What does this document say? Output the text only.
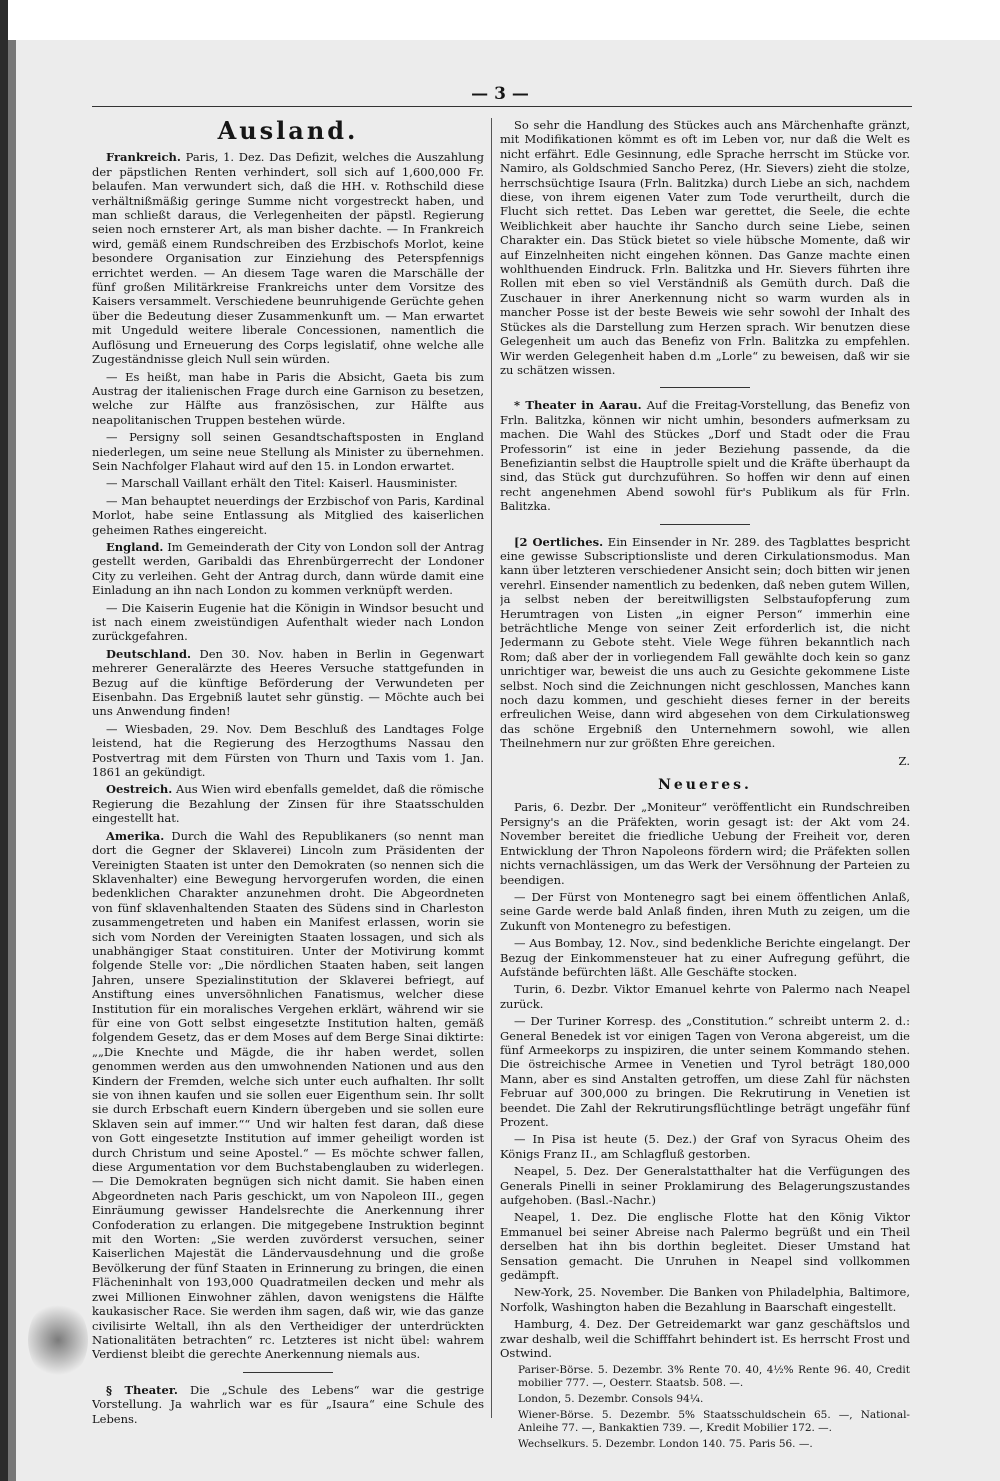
— 3 —
Ausland.

Frankreich. Paris, 1. Dez. Das Defizit, welches die Auszahlung der päpstlichen Renten verhindert, soll sich auf 1,600,000 Fr. belaufen. Man verwundert sich, daß die HH. v. Rothschild diese verhältnißmäßig geringe Summe nicht vorgestreckt haben, und man schließt daraus, die Verlegenheiten der päpstl. Regierung seien noch ernsterer Art, als man bisher dachte. — In Frankreich wird, gemäß einem Rundschreiben des Erzbischofs Morlot, keine besondere Organisation zur Einziehung des Peterspfennigs errichtet werden. — An diesem Tage waren die Marschälle der fünf großen Militärkreise Frankreichs unter dem Vorsitze des Kaisers versammelt. Verschiedene beunruhigende Gerüchte gehen über die Bedeutung dieser Zusammenkunft um. — Man erwartet mit Ungeduld weitere liberale Concessionen, namentlich die Auflösung und Erneuerung des Corps legislatif, ohne welche alle Zugeständnisse gleich Null sein würden.

— Es heißt, man habe in Paris die Absicht, Gaeta bis zum Austrag der italienischen Frage durch eine Garnison zu besetzen, welche zur Hälfte aus französischen, zur Hälfte aus neapolitanischen Truppen bestehen würde.

— Persigny soll seinen Gesandtschaftsposten in England niederlegen, um seine neue Stellung als Minister zu übernehmen. Sein Nachfolger Flahaut wird auf den 15. in London erwartet.

— Marschall Vaillant erhält den Titel: Kaiserl. Hausminister.

— Man behauptet neuerdings der Erzbischof von Paris, Kardinal Morlot, habe seine Entlassung als Mitglied des kaiserlichen geheimen Rathes eingereicht.

England. Im Gemeinderath der City von London soll der Antrag gestellt werden, Garibaldi das Ehrenbürgerrecht der Londoner City zu verleihen. Geht der Antrag durch, dann würde damit eine Einladung an ihn nach London zu kommen verknüpft werden.

— Die Kaiserin Eugenie hat die Königin in Windsor besucht und ist nach einem zweistündigen Aufenthalt wieder nach London zurückgefahren.

Deutschland. Den 30. Nov. haben in Berlin in Gegenwart mehrerer Generalärzte des Heeres Versuche stattgefunden in Bezug auf die künftige Beförderung der Verwundeten per Eisenbahn. Das Ergebniß lautet sehr günstig. — Möchte auch bei uns Anwendung finden!

— Wiesbaden, 29. Nov. Dem Beschluß des Landtages Folge leistend, hat die Regierung des Herzogthums Nassau den Postvertrag mit dem Fürsten von Thurn und Taxis vom 1. Jan. 1861 an gekündigt.

Oestreich. Aus Wien wird ebenfalls gemeldet, daß die römische Regierung die Bezahlung der Zinsen für ihre Staatsschulden eingestellt hat.

Amerika. Durch die Wahl des Republikaners (so nennt man dort die Gegner der Sklaverei) Lincoln zum Präsidenten der Vereinigten Staaten ist unter den Demokraten (so nennen sich die Sklavenhalter) eine Bewegung hervorgerufen worden, die einen bedenklichen Charakter anzunehmen droht. Die Abgeordneten von fünf sklavenhaltenden Staaten des Südens sind in Charleston zusammengetreten und haben ein Manifest erlassen, worin sie sich vom Norden der Vereinigten Staaten lossagen, und sich als unabhängiger Staat constituiren. Unter der Motivirung kommt folgende Stelle vor: „Die nördlichen Staaten haben, seit langen Jahren, unsere Spezialinstitution der Sklaverei befriegt, auf Anstiftung eines unversöhnlichen Fanatismus, welcher diese Institution für ein moralisches Vergehen erklärt, während wir sie für eine von Gott selbst eingesetzte Institution halten, gemäß folgendem Gesetz, das er dem Moses auf dem Berge Sinai diktirte: „„Die Knechte und Mägde, die ihr haben werdet, sollen genommen werden aus den umwohnenden Nationen und aus den Kindern der Fremden, welche sich unter euch aufhalten. Ihr sollt sie von ihnen kaufen und sie sollen euer Eigenthum sein. Ihr sollt sie durch Erbschaft euern Kindern übergeben und sie sollen eure Sklaven sein auf immer.““ Und wir halten fest daran, daß diese von Gott eingesetzte Institution auf immer geheiligt worden ist durch Christum und seine Apostel.“ — Es möchte schwer fallen, diese Argumentation vor dem Buchstabenglauben zu widerlegen. — Die Demokraten begnügen sich nicht damit. Sie haben einen Abgeordneten nach Paris geschickt, um von Napoleon III., gegen Einräumung gewisser Handelsrechte die Anerkennung ihrer Confoderation zu erlangen. Die mitgegebene Instruktion beginnt mit den Worten: „Sie werden zuvörderst versuchen, seiner Kaiserlichen Majestät die Ländervausdehnung und die große Bevölkerung der fünf Staaten in Erinnerung zu bringen, die einen Flächeninhalt von 193,000 Quadratmeilen decken und mehr als zwei Millionen Einwohner zählen, davon wenigstens die Hälfte kaukasischer Race. Sie werden ihm sagen, daß wir, wie das ganze civilisirte Weltall, ihn als den Vertheidiger der unterdrückten Nationalitäten betrachten“ rc. Letzteres ist nicht übel: wahrem Verdienst bleibt die gerechte Anerkennung niemals aus.

§ Theater. Die „Schule des Lebens“ war die gestrige Vorstellung. Ja wahrlich war es für „Isaura“ eine Schule des Lebens.

So sehr die Handlung des Stückes auch ans Märchenhafte gränzt, mit Modifikationen kömmt es oft im Leben vor, nur daß die Welt es nicht erfährt. Edle Gesinnung, edle Sprache herrscht im Stücke vor. Namiro, als Goldschmied Sancho Perez, (Hr. Sievers) zieht die stolze, herrschsüchtige Isaura (Frln. Balitzka) durch Liebe an sich, nachdem diese, von ihrem eigenen Vater zum Tode verurtheilt, durch die Flucht sich rettet. Das Leben war gerettet, die Seele, die echte Weiblichkeit aber hauchte ihr Sancho durch seine Liebe, seinen Charakter ein. Das Stück bietet so viele hübsche Momente, daß wir auf Einzelnheiten nicht eingehen können. Das Ganze machte einen wohlthuenden Eindruck. Frln. Balitzka und Hr. Sievers führten ihre Rollen mit eben so viel Verständniß als Gemüth durch. Daß die Zuschauer in ihrer Anerkennung nicht so warm wurden als in mancher Posse ist der beste Beweis wie sehr sowohl der Inhalt des Stückes als die Darstellung zum Herzen sprach. Wir benutzen diese Gelegenheit um auch das Benefiz von Frln. Balitzka zu empfehlen. Wir werden Gelegenheit haben d.m „Lorle“ zu beweisen, daß wir sie zu schätzen wissen.

* Theater in Aarau. Auf die Freitag-Vorstellung, das Benefiz von Frln. Balitzka, können wir nicht umhin, besonders aufmerksam zu machen. Die Wahl des Stückes „Dorf und Stadt oder die Frau Professorin“ ist eine in jeder Beziehung passende, da die Benefiziantin selbst die Hauptrolle spielt und die Kräfte überhaupt da sind, das Stück gut durchzuführen. So hoffen wir denn auf einen recht angenehmen Abend sowohl für's Publikum als für Frln. Balitzka.

[2 Oertliches. Ein Einsender in Nr. 289. des Tagblattes bespricht eine gewisse Subscriptionsliste und deren Cirkulationsmodus. Man kann über letzteren verschiedener Ansicht sein; doch bitten wir jenen verehrl. Einsender namentlich zu bedenken, daß neben gutem Willen, ja selbst neben der bereitwilligsten Selbstaufopferung zum Herumtragen von Listen „in eigner Person“ immerhin eine beträchtliche Menge von seiner Zeit erforderlich ist, die nicht Jedermann zu Gebote steht. Viele Wege führen bekanntlich nach Rom; daß aber der in vorliegendem Fall gewählte doch kein so ganz unrichtiger war, beweist die uns auch zu Gesichte gekommene Liste selbst. Noch sind die Zeichnungen nicht geschlossen, Manches kann noch dazu kommen, und geschieht dieses ferner in der bereits erfreulichen Weise, dann wird abgesehen von dem Cirkulationsweg das schöne Ergebniß den Unternehmern sowohl, wie allen Theilnehmern nur zur größten Ehre gereichen.

Z.

Neueres.

Paris, 6. Dezbr. Der „Moniteur“ veröffentlicht ein Rundschreiben Persigny's an die Präfekten, worin gesagt ist: der Akt vom 24. November bereitet die friedliche Uebung der Freiheit vor, deren Entwicklung der Thron Napoleons fördern wird; die Präfekten sollen nichts vernachlässigen, um das Werk der Versöhnung der Parteien zu beendigen.

— Der Fürst von Montenegro sagt bei einem öffentlichen Anlaß, seine Garde werde bald Anlaß finden, ihren Muth zu zeigen, um die Zukunft von Montenegro zu befestigen.

— Aus Bombay, 12. Nov., sind bedenkliche Berichte eingelangt. Der Bezug der Einkommensteuer hat zu einer Aufregung geführt, die Aufstände befürchten läßt. Alle Geschäfte stocken.

Turin, 6. Dezbr. Viktor Emanuel kehrte von Palermo nach Neapel zurück.

— Der Turiner Korresp. des „Constitution.“ schreibt unterm 2. d.: General Benedek ist vor einigen Tagen von Verona abgereist, um die fünf Armeekorps zu inspiziren, die unter seinem Kommando stehen. Die östreichische Armee in Venetien und Tyrol beträgt 180,000 Mann, aber es sind Anstalten getroffen, um diese Zahl für nächsten Februar auf 300,000 zu bringen. Die Rekrutirung in Venetien ist beendet. Die Zahl der Rekrutirungsflüchtlinge beträgt ungefähr fünf Prozent.

— In Pisa ist heute (5. Dez.) der Graf von Syracus Oheim des Königs Franz II., am Schlagfluß gestorben.

Neapel, 5. Dez. Der Generalstatthalter hat die Verfügungen des Generals Pinelli in seiner Proklamirung des Belagerungszustandes aufgehoben. (Basl.-Nachr.)

Neapel, 1. Dez. Die englische Flotte hat den König Viktor Emmanuel bei seiner Abreise nach Palermo begrüßt und ein Theil derselben hat ihn bis dorthin begleitet. Dieser Umstand hat Sensation gemacht. Die Unruhen in Neapel sind vollkommen gedämpft.

New-York, 25. November. Die Banken von Philadelphia, Baltimore, Norfolk, Washington haben die Bezahlung in Baarschaft eingestellt.

Hamburg, 4. Dez. Der Getreidemarkt war ganz geschäftslos und zwar deshalb, weil die Schifffahrt behindert ist. Es herrscht Frost und Ostwind.

Pariser-Börse. 5. Dezembr. 3% Rente 70. 40, 4½% Rente 96. 40, Credit mobilier 777. —, Oesterr. Staatsb. 508. —.

London, 5. Dezembr. Consols 94¼.

Wiener-Börse. 5. Dezembr. 5% Staatsschuldschein 65. —, National-Anleihe 77. —, Bankaktien 739. —, Kredit Mobilier 172. —.

Wechselkurs. 5. Dezembr. London 140. 75. Paris 56. —.
